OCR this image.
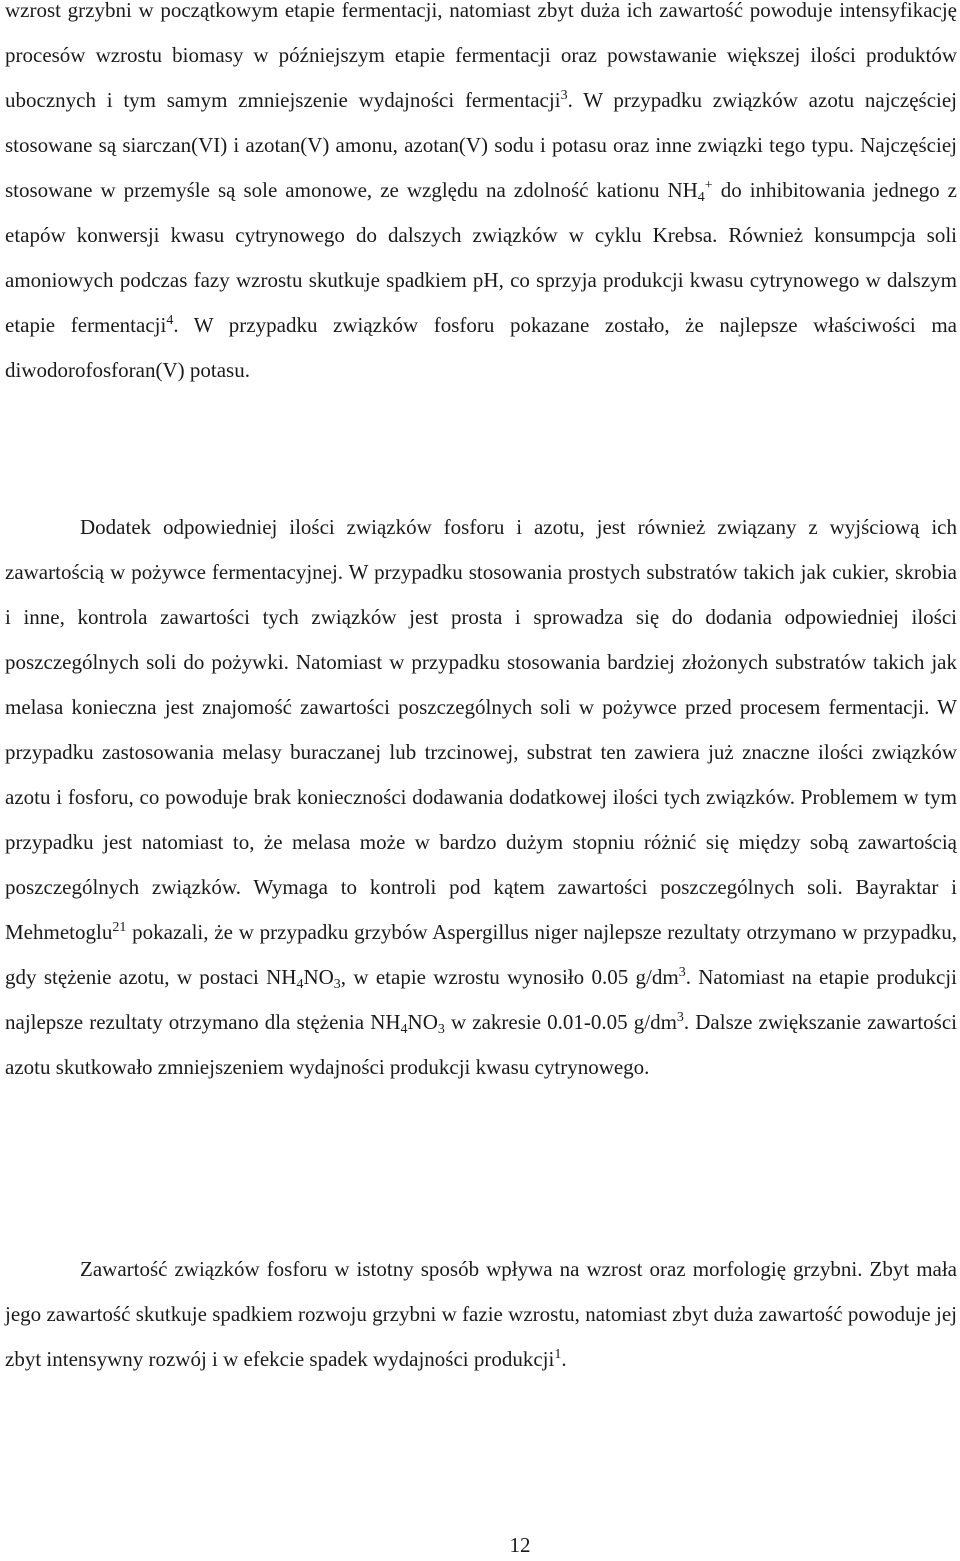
wzrost grzybni w początkowym etapie fermentacji, natomiast zbyt duża ich zawartość powoduje intensyfikację procesów wzrostu biomasy w późniejszym etapie fermentacji oraz powstawanie większej ilości produktów ubocznych i tym samym zmniejszenie wydajności fermentacji$^3$. W przypadku związków azotu najczęściej stosowane są siarczan(VI) i azotan(V) amonu, azotan(V) sodu i potasu oraz inne związki tego typu. Najczęściej stosowane w przemyśle są sole amonowe, ze względu na zdolność kationu $NH_4^+$ do inhibitowania jednego z etapów konwersji kwasu cytrynowego do dalszych związków w cyklu Krebsa. Również konsumpcja soli amoniowych podczas fazy wzrostu skutkuje spadkiem pH, co sprzyja produkcji kwasu cytrynowego w dalszym etapie fermentacji$^4$. W przypadku związków fosforu pokazane zostało, że najlepsze właściwości ma diwodorofosforan(V) potasu.

Dodatek odpowiedniej ilości związków fosforu i azotu, jest również związany z wyjściową ich zawartością w pożywce fermentacyjnej. W przypadku stosowania prostych substratów takich jak cukier, skrobia i inne, kontrola zawartości tych związków jest prosta i sprowadza się do dodania odpowiedniej ilości poszczególnych soli do pożywki. Natomiast w przypadku stosowania bardziej złożonych substratów takich jak melasa konieczna jest znajomość zawartości poszczególnych soli w pożywce przed procesem fermentacji. W przypadku zastosowania melasy buraczanej lub trzcinowej, substrat ten zawiera już znaczne ilości związków azotu i fosforu, co powoduje brak konieczności dodawania dodatkowej ilości tych związków. Problemem w tym przypadku jest natomiast to, że melasa może w bardzo dużym stopniu różnić się między sobą zawartością poszczególnych związków. Wymaga to kontroli pod kątem zawartości poszczególnych soli. Bayraktar i Mehmetoglu$^{21}$ pokazali, że w przypadku grzybów Aspergillus niger najlepsze rezultaty otrzymano w przypadku, gdy stężenie azotu, w postaci $NH_4NO_3$, w etapie wzrostu wynosiło 0.05 $g/dm^3$. Natomiast na etapie produkcji najlepsze rezultaty otrzymano dla stężenia $NH_4NO_3$ w zakresie 0.01-0.05 $g/dm^3$. Dalsze zwiększanie zawartości azotu skutkowało zmniejszeniem wydajności produkcji kwasu cytrynowego.

Zawartość związków fosforu w istotny sposób wpływa na wzrost oraz morfologię grzybni. Zbyt mała jego zawartość skutkuje spadkiem rozwoju grzybni w fazie wzrostu, natomiast zbyt duża zawartość powoduje jej zbyt intensywny rozwój i w efekcie spadek wydajności produkcji$^1$.

12
